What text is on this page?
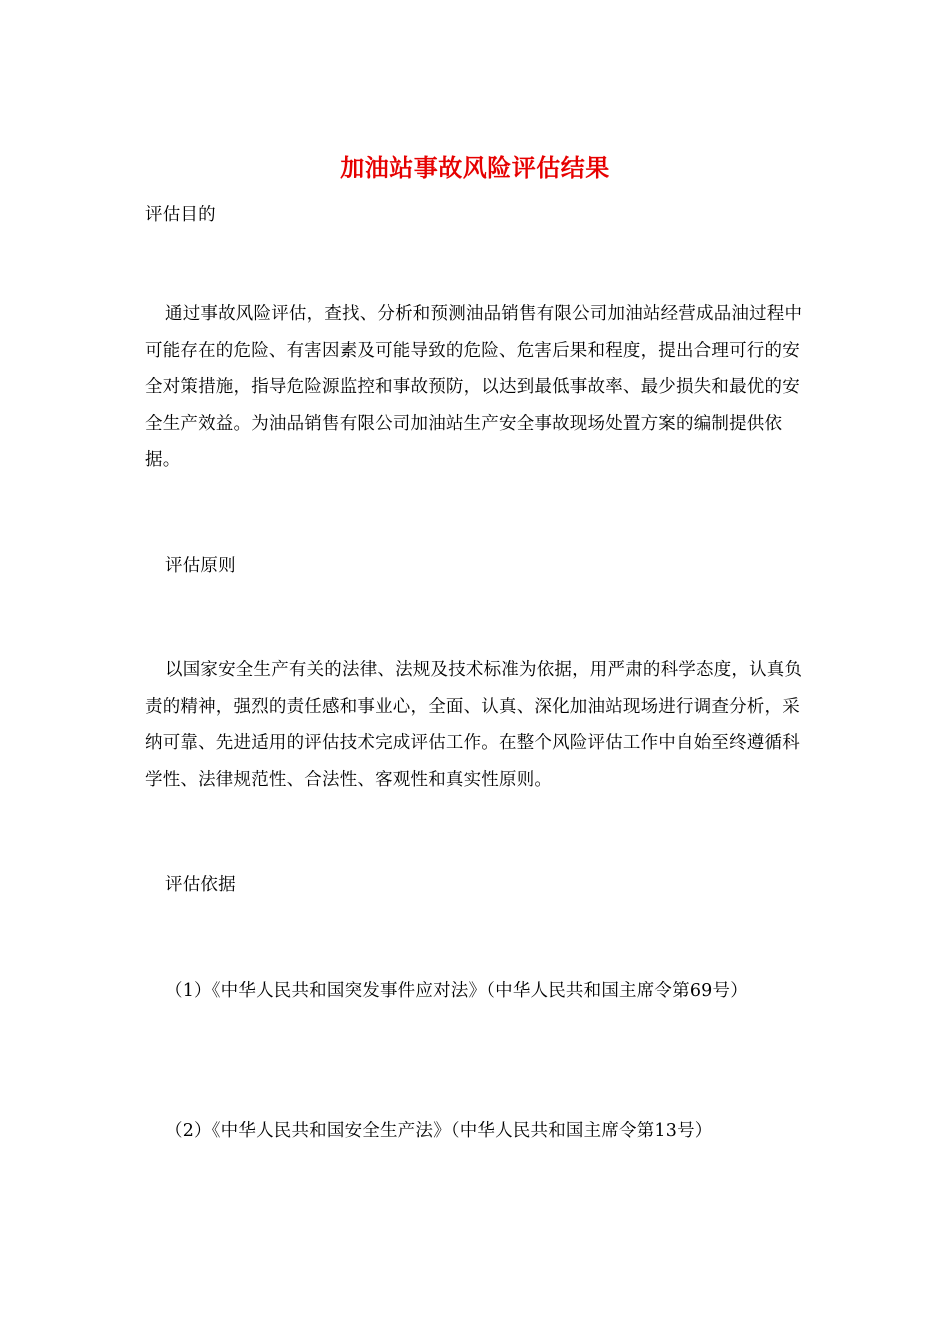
加油站事故风险评估结果
评估目的
通过事故风险评估，查找、分析和预测油品销售有限公司加油站经营成品油过程中可能存在的危险、有害因素及可能导致的危险、危害后果和程度，提出合理可行的安全对策措施，指导危险源监控和事故预防，以达到最低事故率、最少损失和最优的安全生产效益。为油品销售有限公司加油站生产安全事故现场处置方案的编制提供依据。
评估原则
以国家安全生产有关的法律、法规及技术标准为依据，用严肃的科学态度，认真负责的精神，强烈的责任感和事业心，全面、认真、深化加油站现场进行调查分析，采纳可靠、先进适用的评估技术完成评估工作。在整个风险评估工作中自始至终遵循科学性、法律规范性、合法性、客观性和真实性原则。
评估依据
（1）《中华人民共和国突发事件应对法》（中华人民共和国主席令第69号）
（2）《中华人民共和国安全生产法》（中华人民共和国主席令第13号）
